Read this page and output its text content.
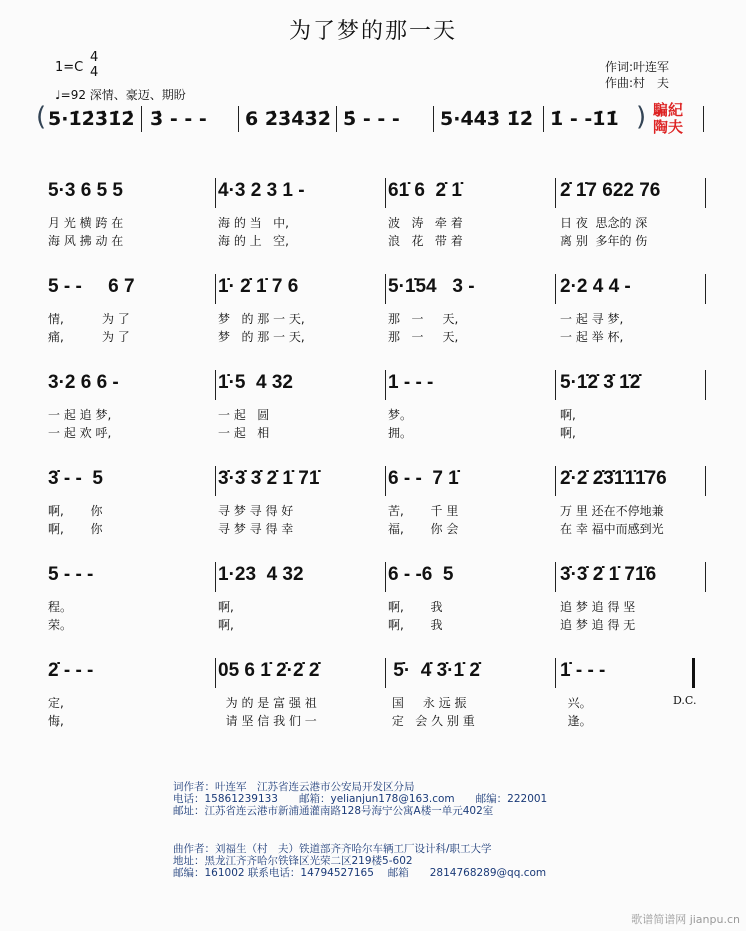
为了梦的那一天
1=C
4
4
♩=92 深情、豪迈、期盼
作词:叶连军
作曲:村　夫
(	) 騙紀
陶夫
5·1̇2̇3̇1̇2̇ 3̇ - - - 6 2̇3̇4̇3̇2̇ 5̇ - - - 5·4̇4̇3̇ 1̇2̇ 1̇ - -1̇1̇
5·3 6 5 5
月 光 横 跨 在
海 风 拂 动 在
4·3 2 3 1 -
海 的 当   中,
海 的 上   空,
61̇ 6  2̇ 1̇
波   涛   牵 着
浪   花   带 着
2̇ 1̇7 622 76
日 夜  思念的 深
离 别  多年的 伤
5 - -     6 7
情,          为 了
痛,          为 了
1̇· 2̇ 1̇ 7 6
梦   的 那 一 天,
梦   的 那 一 天,
5·1̇54   3 -
那   一     天,
那   一     天,
2·2 4 4 -
一 起 寻 梦,
一 起 举 杯,
3·2 6 6 -
一 起 追 梦,
一 起 欢 呼,
1̇·5  4 32
一 起   圆
一 起   相
1 - - -
梦。
拥。
5·1̇2̇ 3̇ 1̇2̇
啊,
啊,
3̇ - -  5
啊,       你
啊,       你
3̇·3̇ 3̇ 2̇ 1̇ 71̇
寻 梦 寻 得 好
寻 梦 寻 得 幸
6 - -  7 1̇
苦,       千 里
福,       你 会
2̇·2̇ 2̇3̇1̇1̇1̇76
万 里 还在不停地兼
在 幸 福中而感到光
5 - - -
程。
荣。
1·23  4 32
啊,
啊,
6 - -6  5
啊,       我
啊,       我
3̇·3̇ 2̇ 1̇ 71̇6
追 梦 追 得 坚
追 梦 追 得 无
2̇ - - -
定,
悔,
05 6 1̇ 2̇·2̇ 2̇
为 的 是 富 强 祖
请 坚 信 我 们 一
5̇·  4̇ 3̇·1̇ 2̇
国     永 远 振
定   会 久 别 重
1̇ - - -
兴。
逢。
D.C.
词作者：叶连军　江苏省连云港市公安局开发区分局
电话：15861239133　　邮箱：yelianjun178@163.com　　邮编：222001
邮址：江苏省连云港市新浦通灌南路128号海宁公寓A楼一单元402室
曲作者：刘福生（村　夫）铁道部齐齐哈尔车辆工厂设计科/职工大学
地址：黑龙江齐齐哈尔铁锋区光荣二区219楼5-602
邮编：161002 联系电话：14794527165　 邮箱　　2814768289@qq.com
歌谱简谱网 jianpu.cn
